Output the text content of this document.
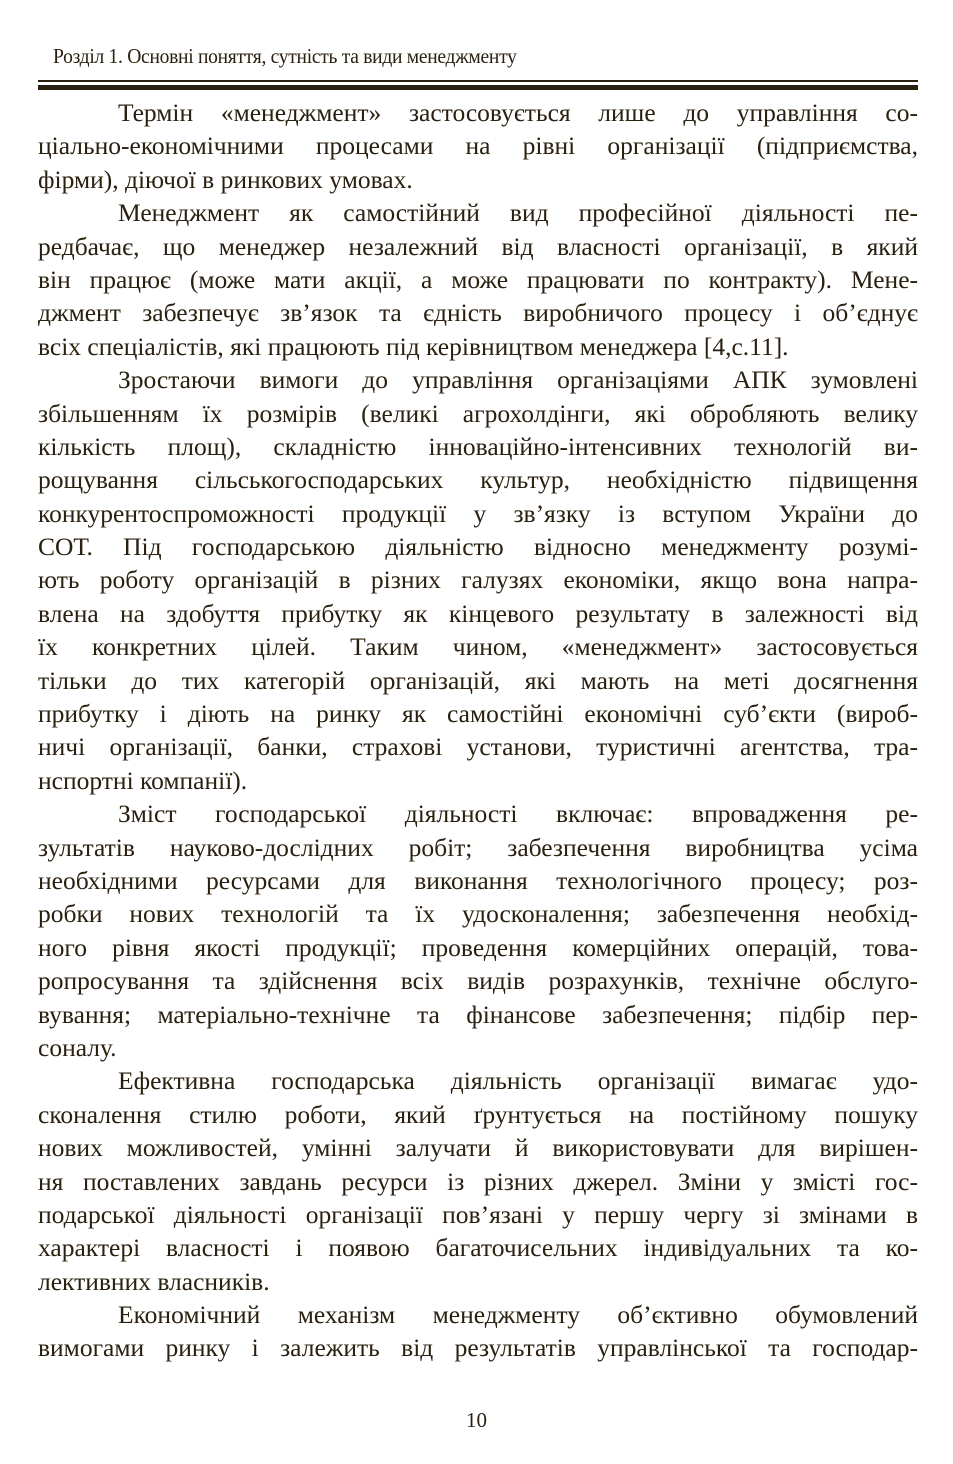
Розділ 1. Основні поняття, сутність та види менеджменту
Термін «менеджмент» застосовується лише до управління со-
ціально-економічними процесами на рівні організації (підприємства,
фірми), діючої в ринкових умовах.
Менеджмент як самостійний вид професійної діяльності пе-
редбачає, що менеджер незалежний від власності організації, в який
він працює (може мати акції, а може працювати по контракту). Мене-
джмент забезпечує зв’язок та єдність виробничого процесу і об’єднує
всіх спеціалістів, які працюють під керівництвом менеджера [4,с.11].
Зростаючи вимоги до управління організаціями АПК зумовлені
збільшенням їх розмірів (великі агрохолдінги, які обробляють велику
кількість площ), складністю інноваційно-інтенсивних технологій ви-
рощування сільськогосподарських культур, необхідністю підвищення
конкурентоспроможності продукції у зв’язку із вступом України до
СОТ. Під господарською діяльністю відносно менеджменту розумі-
ють роботу організацій в різних галузях економіки, якщо вона напра-
влена на здобуття прибутку як кінцевого результату в залежності від
їх конкретних цілей. Таким чином, «менеджмент» застосовується
тільки до тих категорій організацій, які мають на меті досягнення
прибутку і діють на ринку як самостійні економічні суб’єкти (вироб-
ничі організації, банки, страхові установи, туристичні агентства, тра-
нспортні компанії).
Зміст господарської діяльності включає: впровадження ре-
зультатів науково-дослідних робіт; забезпечення виробництва усіма
необхідними ресурсами для виконання технологічного процесу; роз-
робки нових технологій та їх удосконалення; забезпечення необхід-
ного рівня якості продукції; проведення комерційних операцій, това-
ропросування та здійснення всіх видів розрахунків, технічне обслуго-
вування; матеріально-технічне та фінансове забезпечення; підбір пер-
соналу.
Ефективна господарська діяльність організації вимагає удо-
сконалення стилю роботи, який ґрунтується на постійному пошуку
нових можливостей, умінні залучати й використовувати для вирішен-
ня поставлених завдань ресурси із різних джерел. Зміни у змісті гос-
подарської діяльності організації пов’язані у першу чергу зі змінами в
характері власності і появою багаточисельних індивідуальних та ко-
лективних власників.
Економічний механізм менеджменту об’єктивно обумовлений
вимогами ринку і залежить від результатів управлінської та господар-
10
